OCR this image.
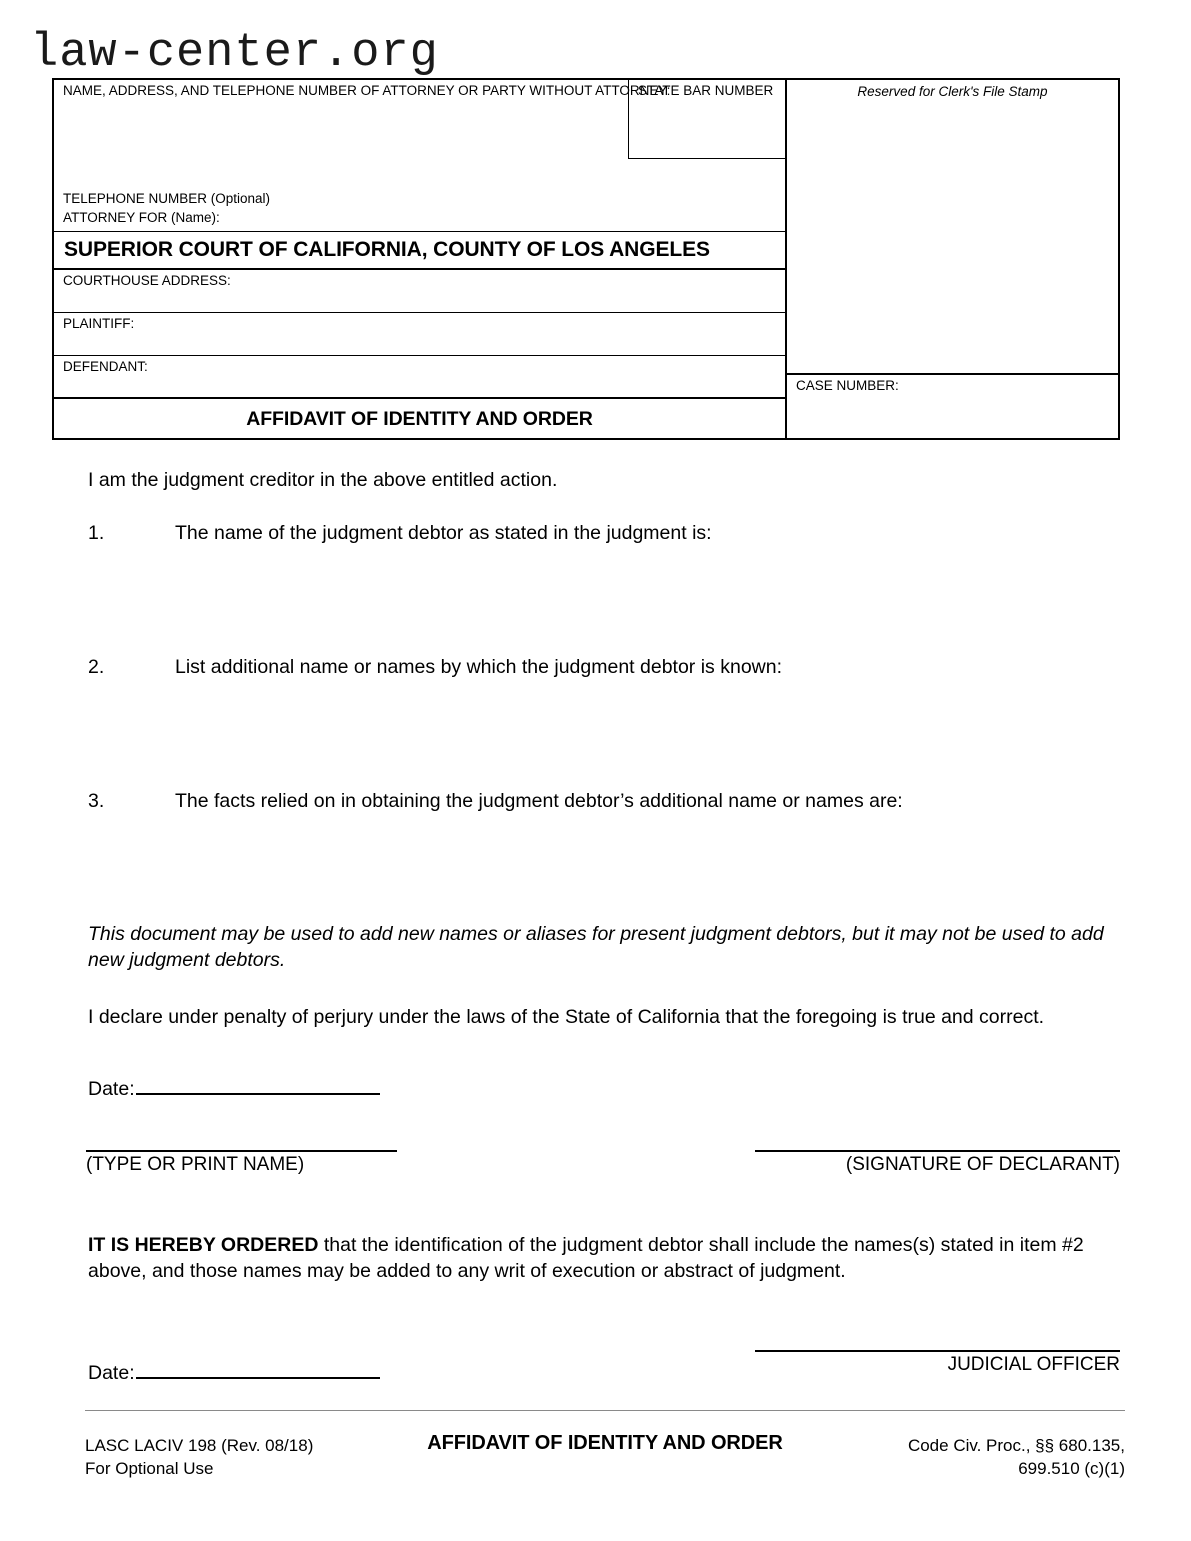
law-center.org
NAME, ADDRESS, AND TELEPHONE NUMBER OF ATTORNEY OR PARTY WITHOUT ATTORNEY:
STATE BAR NUMBER
TELEPHONE NUMBER (Optional)
ATTORNEY FOR (Name):
SUPERIOR COURT OF CALIFORNIA, COUNTY OF LOS ANGELES
COURTHOUSE ADDRESS:
PLAINTIFF:
DEFENDANT:
AFFIDAVIT OF IDENTITY AND ORDER
Reserved for Clerk's File Stamp
CASE NUMBER:
I am the judgment creditor in the above entitled action.
1.	The name of the judgment debtor as stated in the judgment is:
2.	List additional name or names by which the judgment debtor is known:
3.	The facts relied on in obtaining the judgment debtor’s additional name or names are:
This document may be used to add new names or aliases for present judgment debtors, but it may not be used to add new judgment debtors.
I declare under penalty of perjury under the laws of the State of California that the foregoing is true and correct.
Date:
(TYPE OR PRINT NAME)	(SIGNATURE OF DECLARANT)
IT IS HEREBY ORDERED that the identification of the judgment debtor shall include the names(s) stated in item #2 above, and those names may be added to any writ of execution or abstract of judgment.
Date:	JUDICIAL OFFICER
LASC LACIV 198 (Rev. 08/18)
For Optional Use
AFFIDAVIT OF IDENTITY AND ORDER	Code Civ. Proc., §§ 680.135,
699.510 (c)(1)
